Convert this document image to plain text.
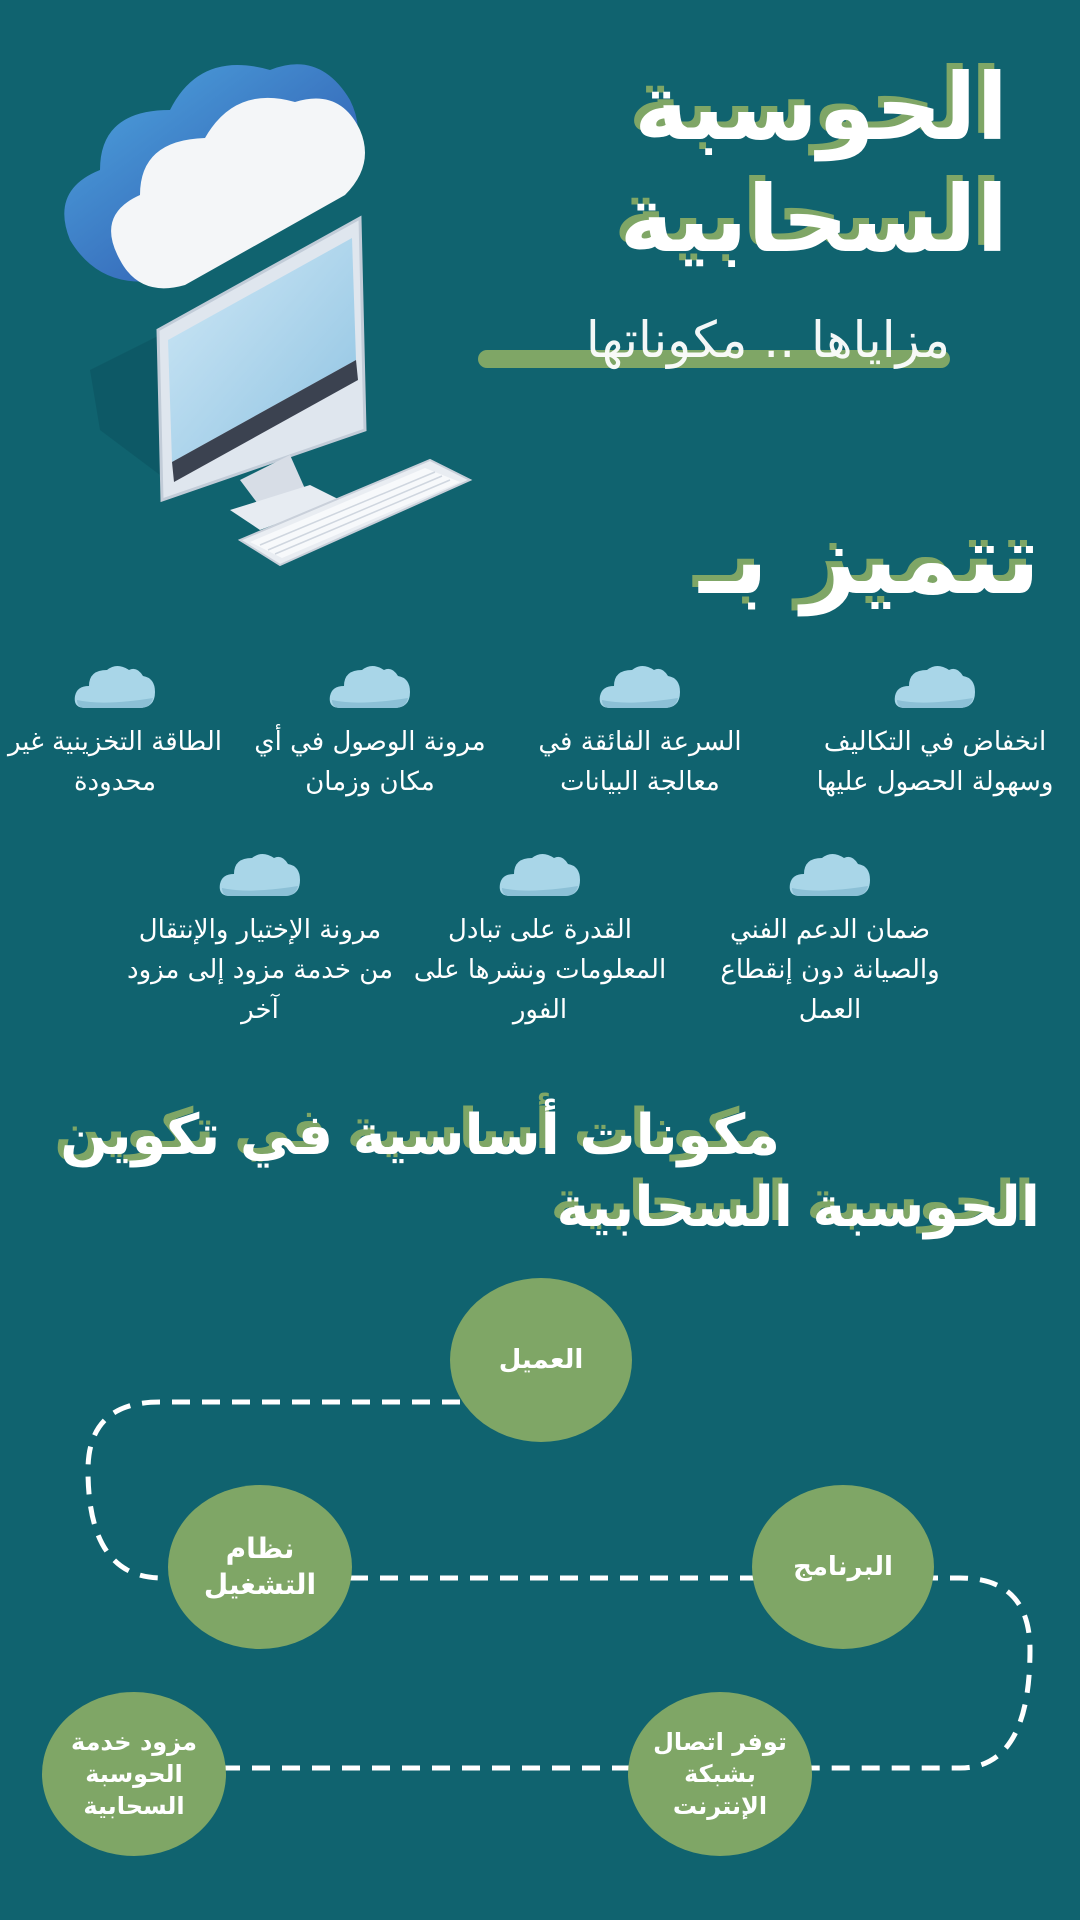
الحوسبة
السحابية
مزاياها .. مكوناتها
تتميز بـ
انخفاض في التكاليف وسهولة الحصول عليها
السرعة الفائقة في معالجة البيانات
مرونة الوصول في أي مكان وزمان
الطاقة التخزينية غير محدودة
ضمان الدعم الفني والصيانة دون إنقطاع العمل
القدرة على تبادل المعلومات ونشرها على الفور
مرونة الإختيار والإنتقال من خدمة مزود إلى مزود آخر
مكونات أساسية في تكوين
الحوسبة السحابية
العميل
البرنامج
نظام التشغيل
توفر اتصال بشبكة الإنترنت
مزود خدمة الحوسبة السحابية
